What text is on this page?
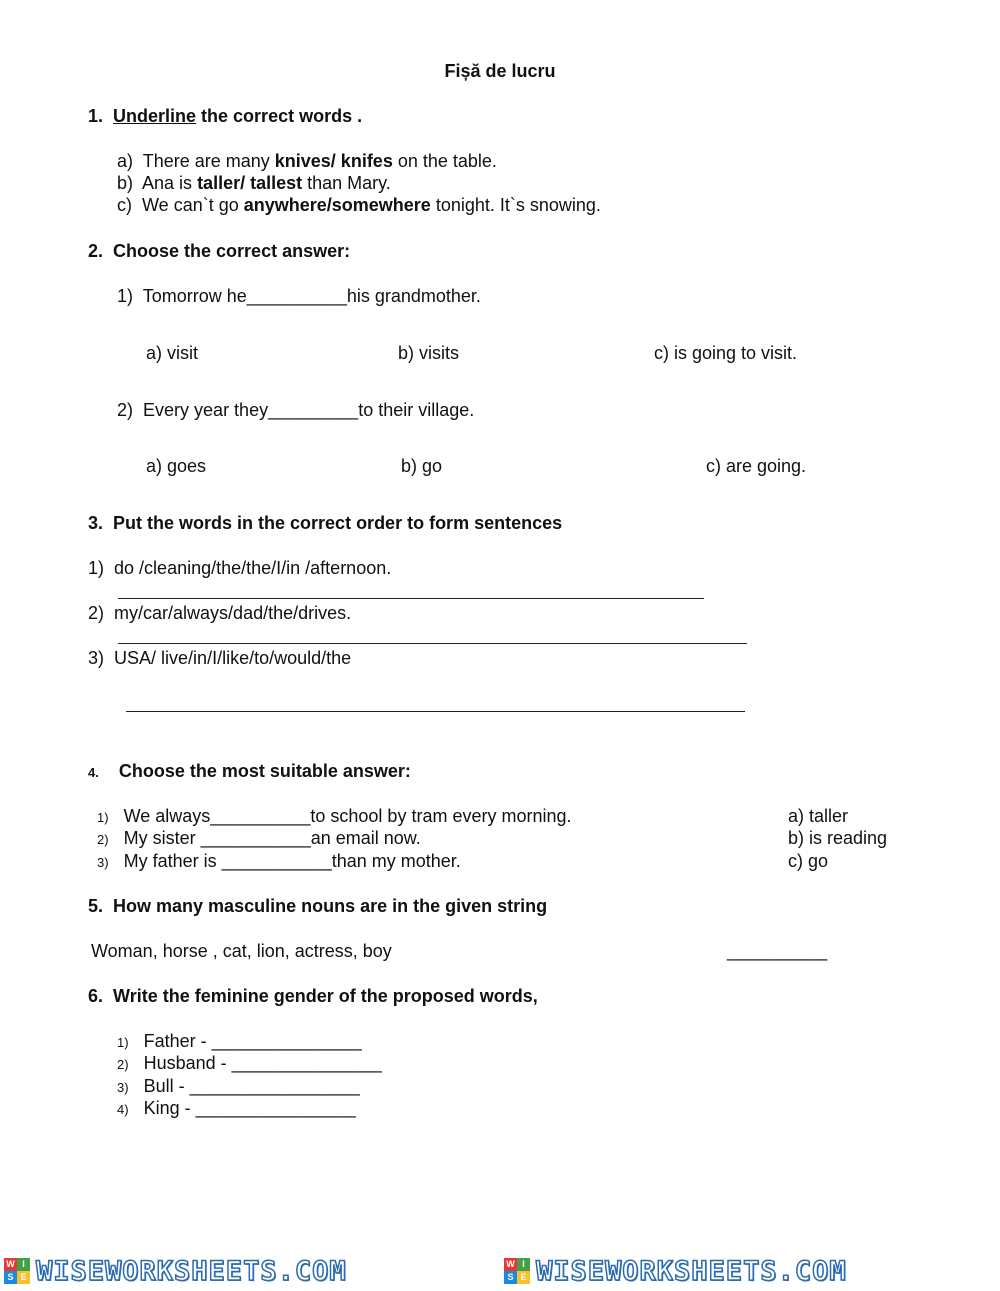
Fișă de lucru
1. Underline the correct words .
a) There are many knives/ knifes on the table.
b) Ana is taller/ tallest than Mary.
c) We can`t go anywhere/somewhere tonight. It`s snowing.
2. Choose the correct answer:
1) Tomorrow he__________his grandmother.
a) visit	b) visits	c) is going to visit.
2) Every year they_________to their village.
a) goes	b) go	c) are going.
3. Put the words in the correct order to form sentences
1) do /cleaning/the/the/I/in /afternoon.
2) my/car/always/dad/the/drives.
3) USA/ live/in/I/like/to/would/the
4. Choose the most suitable answer:
1) We always__________to school by tram every morning.	a) taller
2) My sister ___________an email now.	b) is reading
3) My father is ___________than my mother.	c) go
5. How many masculine nouns are in the given string
Woman, horse , cat, lion, actress, boy	__________
6. Write the feminine gender of the proposed words,
1) Father - _______________
2) Husband - _______________
3) Bull - _________________
4) King - ________________
W I
S E WISEWORKSHEETS.COM	W I
S E WISEWORKSHEETS.COM
